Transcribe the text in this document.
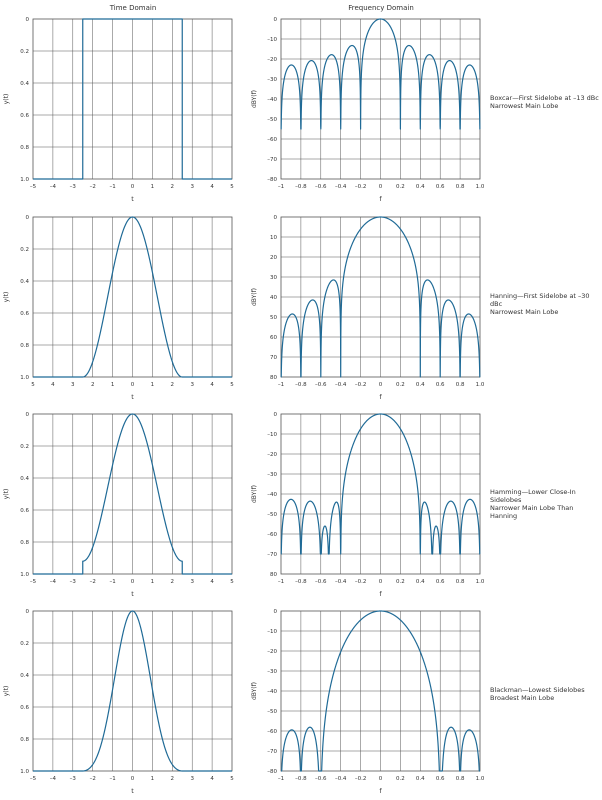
Time Domain	Frequency Domain
–5 –4 –3 –2 –1	0	1	2	3	4	5
0
0.2
0.4
0.6
0.8
1.0
t
y(t)
–1 –0.8 –0.6 –0.4 –0.2 0	0.2 0.4 0.6 0.8 1.0
0
–10
–20
–30
–40
–50
–60
–70
–80
f
dBY(f)
5	4	3	2	1	0	1	2	3	4	5
0
0.2
0.4
0.6
0.8
1.0
t
y(t)
–1 –0.8 –0.6 –0.4 –0.2 0	0.2 0.4 0.6 0.8 1.0
0
10
20
30
40
50
60
70
80
f
dBY(f)
–5 –4 –3 –2 –1	0	1	2	3	4	5
0
0.2
0.4
0.6
0.8
1.0
t
y(t)
–1 –0.8 –0.6 –0.4 –0.2 0	0.2 0.4 0.6 0.8 1.0
0
–10
–20
–30
–40
–50
–60
–70
80
f
dBY(f)
–5 –4 –3 –2 –1	0	1	2	3	4	5
0
0.2
0.4
0.6
0.8
1.0
t
y(t)
–1 –0.8 –0.6 –0.4 –0.2 0	0.2 0.4 0.6 0.8 1.0
0
–10
–20
–30
–40
–50
–60
–70
–80
f
dBY(f)
Boxcar—First Sidelobe at –13 dBc
Narrowest Main Lobe
Hanning—First Sidelobe at –30 dBc
Narrowest Main Lobe
Hamming—Lower Close-In Sidelobes
Narrower Main Lobe Than Hanning
Blackman—Lowest Sidelobes
Broadest Main Lobe
